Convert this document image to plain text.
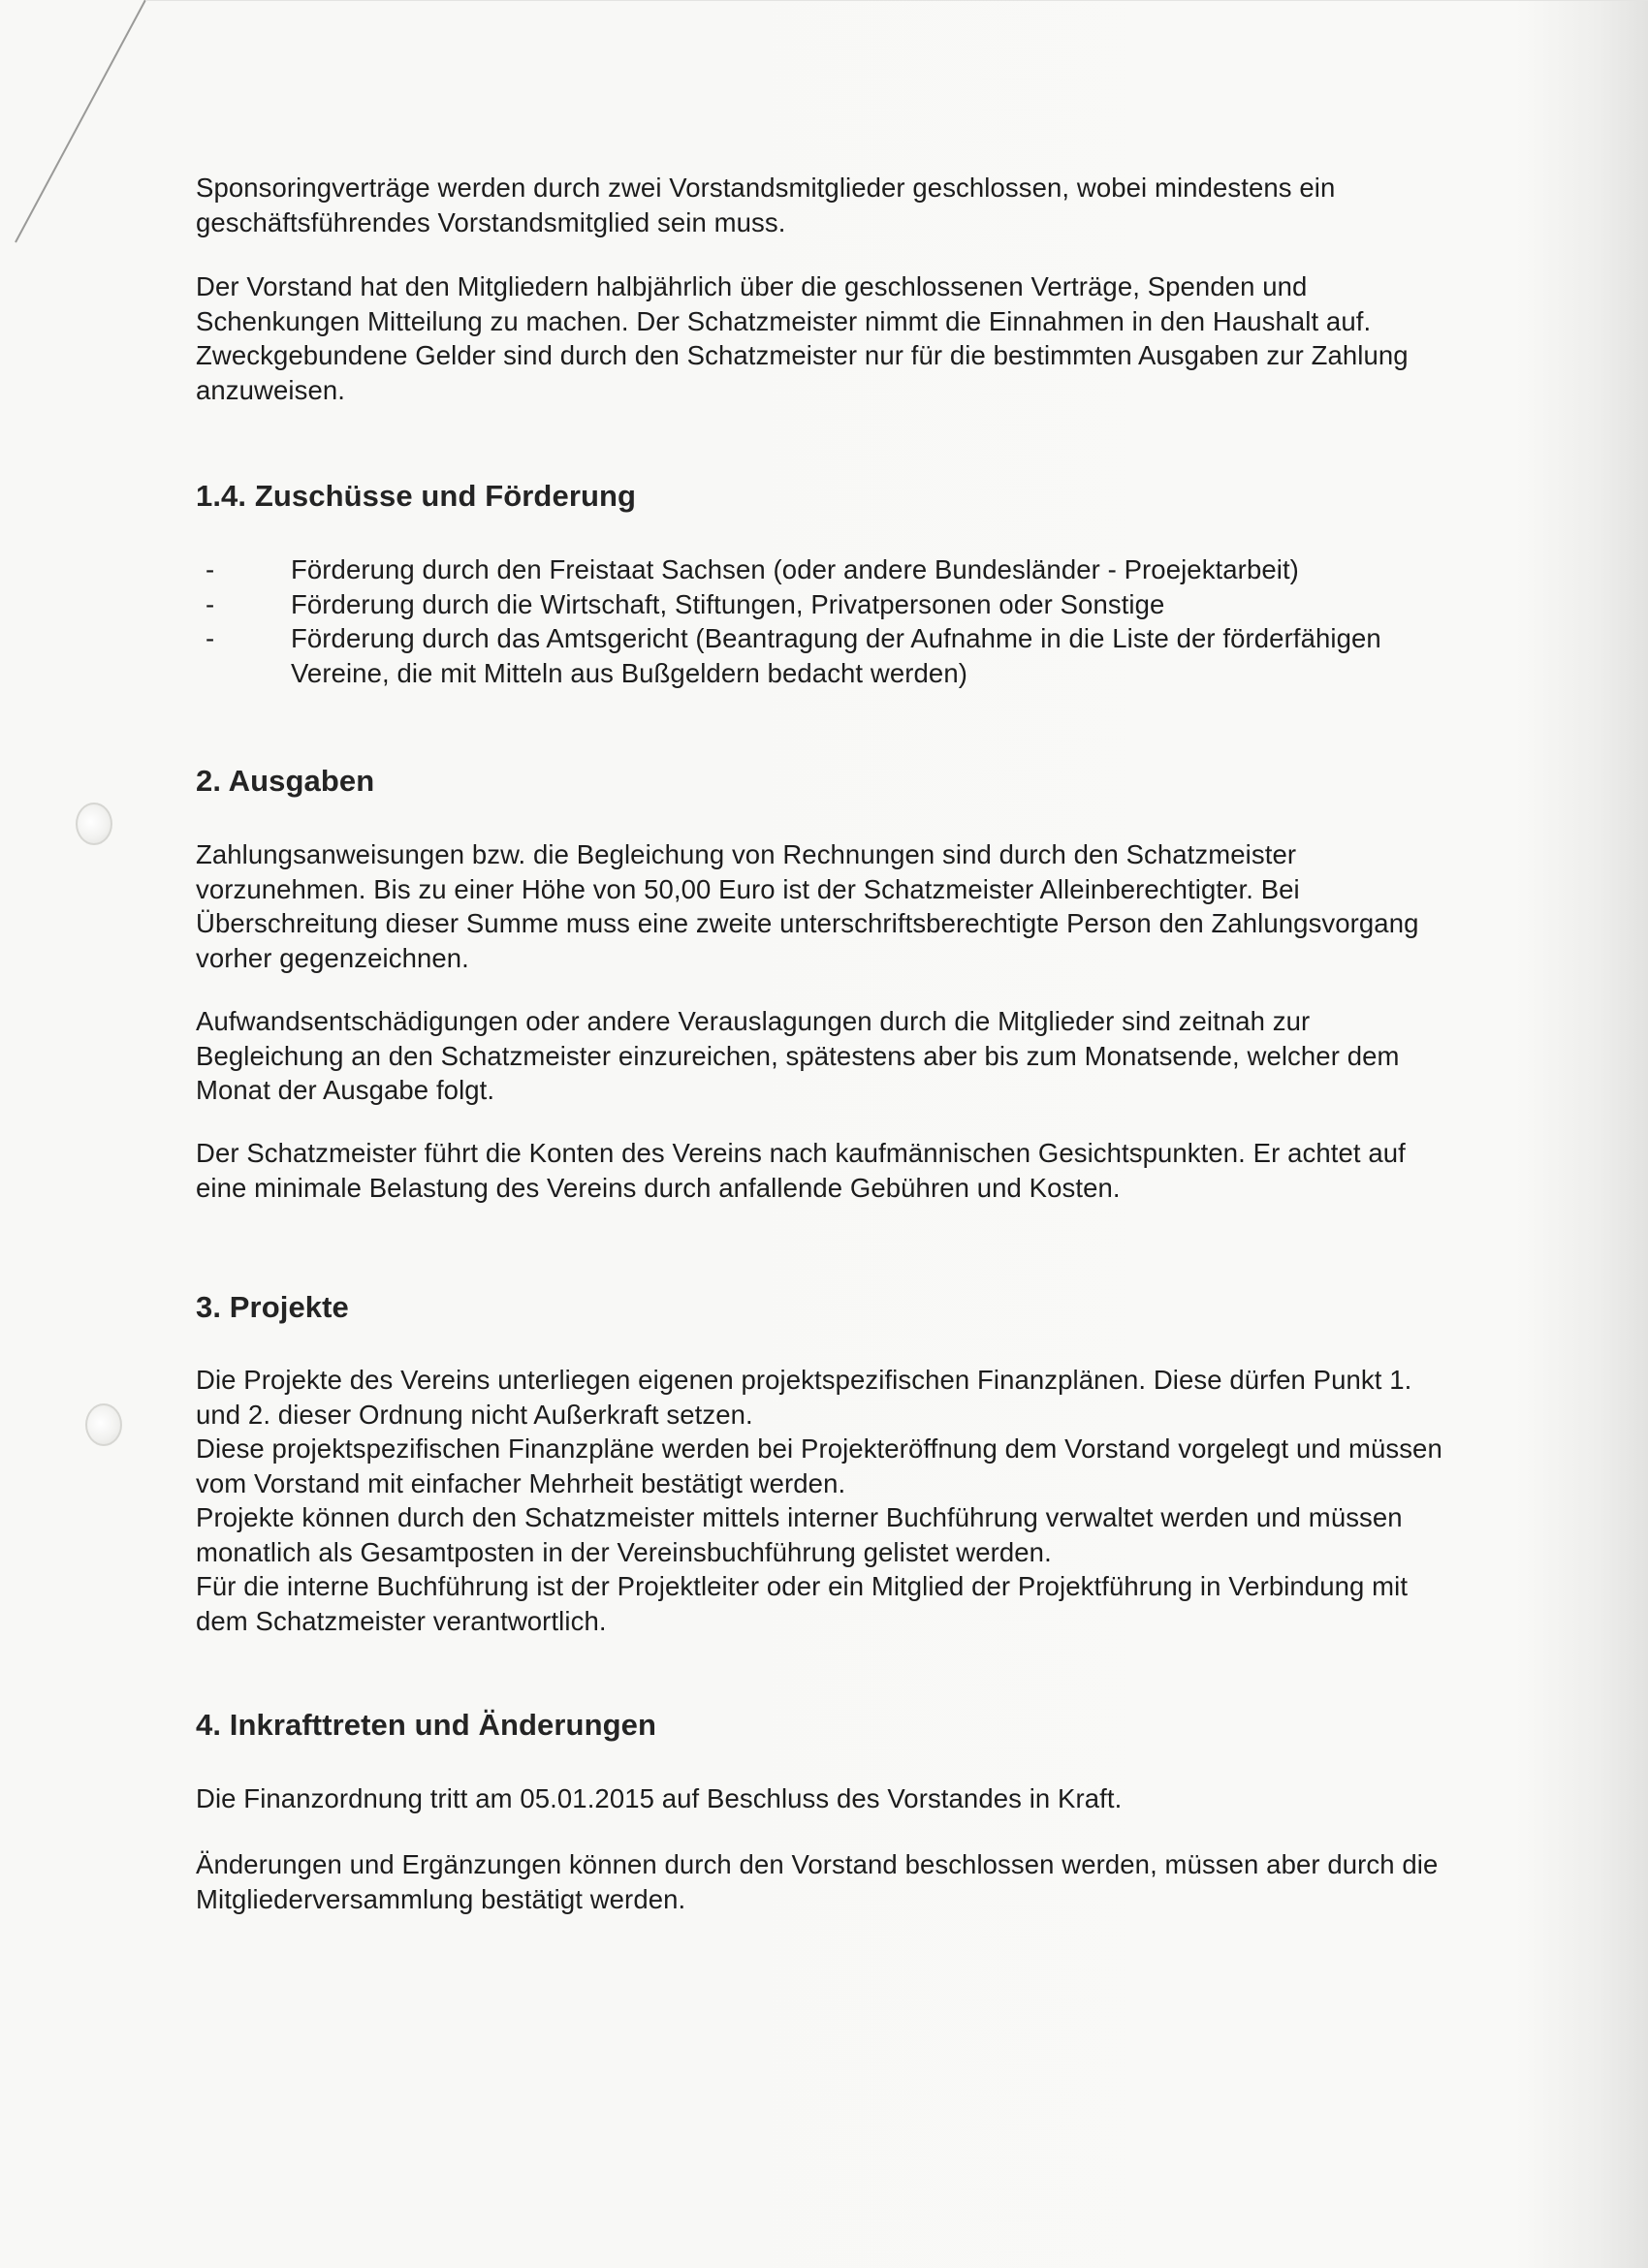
Sponsoringverträge werden durch zwei Vorstandsmitglieder geschlossen, wobei mindestens ein geschäftsführendes Vorstandsmitglied sein muss.

Der Vorstand hat den Mitgliedern halbjährlich über die geschlossenen Verträge, Spenden und Schenkungen Mitteilung zu machen. Der Schatzmeister nimmt die Einnahmen in den Haushalt auf. Zweckgebundene Gelder sind durch den Schatzmeister nur für die bestimmten Ausgaben zur Zahlung anzuweisen.

1.4. Zuschüsse und Förderung
-	Förderung durch den Freistaat Sachsen (oder andere Bundesländer - Proejektarbeit)
-	Förderung durch die Wirtschaft, Stiftungen, Privatpersonen oder Sonstige
-	Förderung durch das Amtsgericht (Beantragung der Aufnahme in die Liste der förderfähigen Vereine, die mit Mitteln aus Bußgeldern bedacht werden)
2. Ausgaben

Zahlungsanweisungen bzw. die Begleichung von Rechnungen sind durch den Schatzmeister vorzunehmen. Bis zu einer Höhe von 50,00 Euro ist der Schatzmeister Alleinberechtigter. Bei Überschreitung dieser Summe muss eine zweite unterschriftsberechtigte Person den Zahlungsvorgang vorher gegenzeichnen.

Aufwandsentschädigungen oder andere Verauslagungen durch die Mitglieder sind zeitnah zur Begleichung an den Schatzmeister einzureichen, spätestens aber bis zum Monatsende, welcher dem Monat der Ausgabe folgt.

Der Schatzmeister führt die Konten des Vereins nach kaufmännischen Gesichtspunkten. Er achtet auf eine minimale Belastung des Vereins durch anfallende Gebühren und Kosten.

3. Projekte

Die Projekte des Vereins unterliegen eigenen projektspezifischen Finanzplänen. Diese dürfen Punkt 1. und 2. dieser Ordnung nicht Außerkraft setzen.

Diese projektspezifischen Finanzpläne werden bei Projekteröffnung dem Vorstand vorgelegt und müssen vom Vorstand mit einfacher Mehrheit bestätigt werden.

Projekte können durch den Schatzmeister mittels interner Buchführung verwaltet werden und müssen monatlich als Gesamtposten in der Vereinsbuchführung gelistet werden.

Für die interne Buchführung ist der Projektleiter oder ein Mitglied der Projektführung in Verbindung mit dem Schatzmeister verantwortlich.

4. Inkrafttreten und Änderungen

Die Finanzordnung tritt am 05.01.2015 auf Beschluss des Vorstandes in Kraft.

Änderungen und Ergänzungen können durch den Vorstand beschlossen werden, müssen aber durch die Mitgliederversammlung bestätigt werden.
